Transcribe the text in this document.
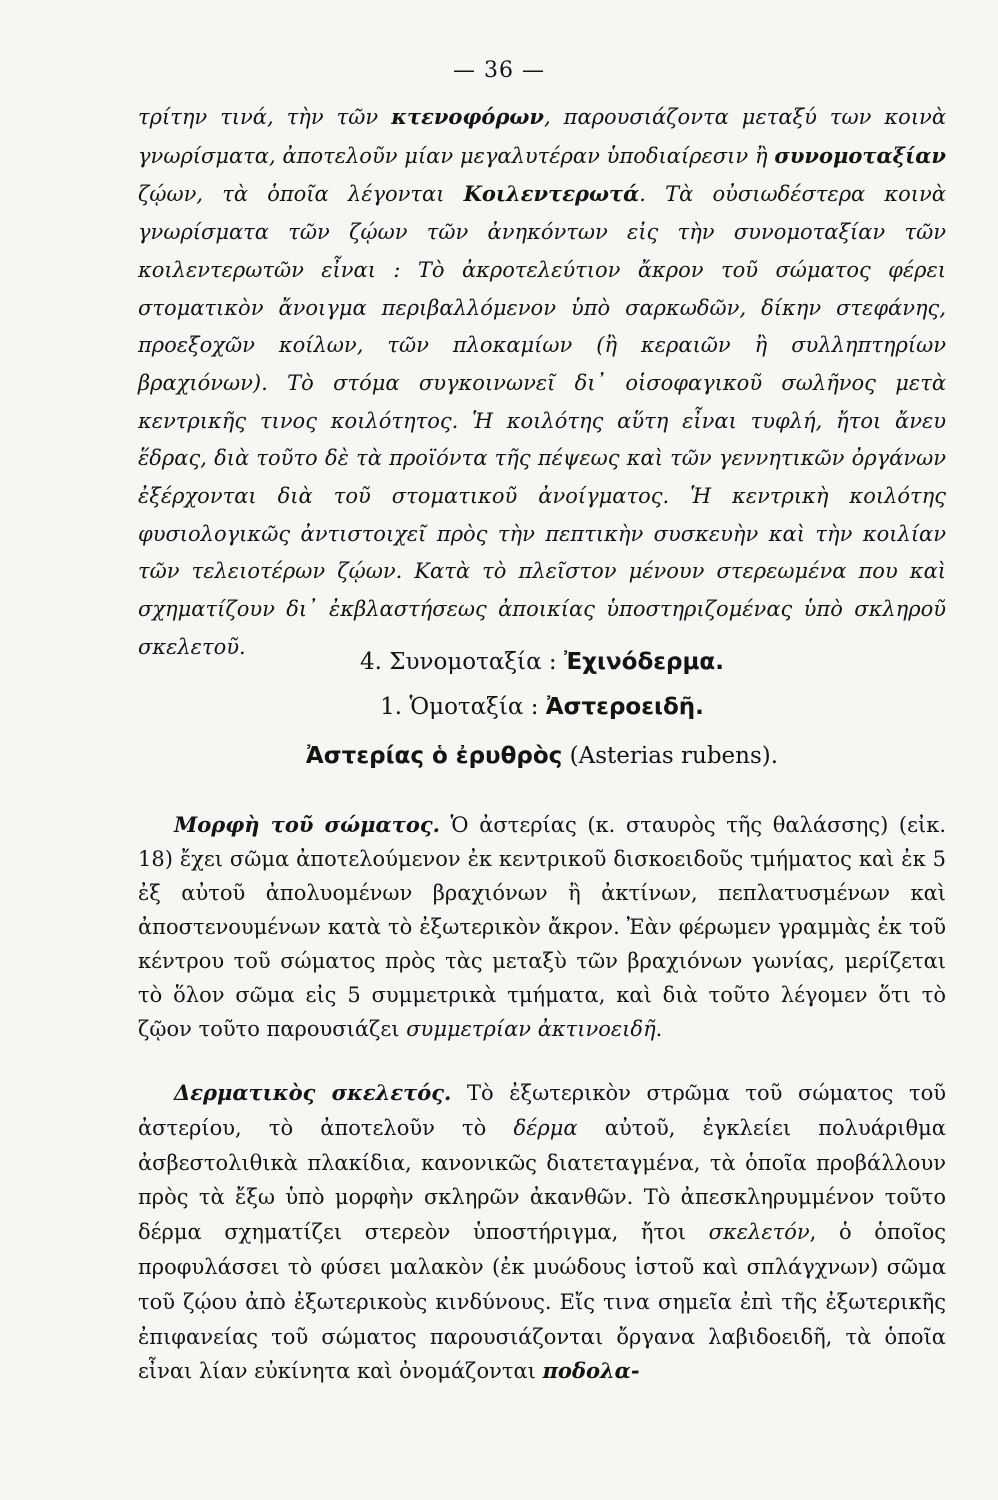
— 36 —

τρίτην τινά, τὴν τῶν κτενοφόρων, παρουσιάζοντα μεταξύ των κοινὰ γνωρίσματα, ἀποτελοῦν μίαν μεγαλυτέραν ὑποδιαίρεσιν ἢ συνομοταξίαν ζῴων, τὰ ὁποῖα λέγονται Κοιλεντερωτά. Τὰ οὐσιωδέστερα κοινὰ γνωρίσματα τῶν ζῴων τῶν ἀνηκόντων εἰς τὴν συνομοταξίαν τῶν κοιλεντερωτῶν εἶναι : Τὸ ἀκροτελεύτιον ἄκρον τοῦ σώματος φέρει στοματικὸν ἄνοιγμα περιβαλλόμενον ὑπὸ σαρκωδῶν, δίκην στεφάνης, προεξοχῶν κοίλων, τῶν πλοκαμίων (ἢ κεραιῶν ἢ συλληπτηρίων βραχιόνων). Τὸ στόμα συγκοινωνεῖ δι᾽ οἱσοφαγικοῦ σωλῆνος μετὰ κεντρικῆς τινος κοιλότητος. Ἡ κοιλότης αὕτη εἶναι τυφλή, ἤτοι ἄνευ ἕδρας, διὰ τοῦτο δὲ τὰ προϊόντα τῆς πέψεως καὶ τῶν γεννητικῶν ὀργάνων ἐξέρχονται διὰ τοῦ στοματικοῦ ἀνοίγματος. Ἡ κεντρικὴ κοιλότης φυσιολογικῶς ἀντιστοιχεῖ πρὸς τὴν πεπτικὴν συσκευὴν καὶ τὴν κοιλίαν τῶν τελειοτέρων ζῴων. Κατὰ τὸ πλεῖστον μένουν στερεωμένα που καὶ σχηματίζουν δι᾽ ἐκβλαστήσεως ἀποικίας ὑποστηριζομένας ὑπὸ σκληροῦ σκελετοῦ.

4. Συνομοταξία : Ἐχινόδερμα.

1. Ὁμοταξία : Ἀστεροειδῆ.

Ἀστερίας ὁ ἐρυθρὸς (Asterias rubens).

Μορφὴ τοῦ σώματος. Ὁ ἀστερίας (κ. σταυρὸς τῆς θαλάσσης) (εἰκ. 18) ἔχει σῶμα ἀποτελούμενον ἐκ κεντρικοῦ δισκοειδοῦς τμήματος καὶ ἐκ 5 ἐξ αὐτοῦ ἀπολυομένων βραχιόνων ἢ ἀκτίνων, πεπλατυσμένων καὶ ἀποστενουμένων κατὰ τὸ ἐξωτερικὸν ἄκρον. Ἐὰν φέρωμεν γραμμὰς ἐκ τοῦ κέντρου τοῦ σώματος πρὸς τὰς μεταξὺ τῶν βραχιόνων γωνίας, μερίζεται τὸ ὅλον σῶμα εἰς 5 συμμετρικὰ τμήματα, καὶ διὰ τοῦτο λέγομεν ὅτι τὸ ζῷον τοῦτο παρουσιάζει συμμετρίαν ἀκτινοειδῆ.

Δερματικὸς σκελετός. Τὸ ἐξωτερικὸν στρῶμα τοῦ σώματος τοῦ ἀστερίου, τὸ ἀποτελοῦν τὸ δέρμα αὐτοῦ, ἐγκλείει πολυάριθμα ἀσβεστολιθικὰ πλακίδια, κανονικῶς διατεταγμένα, τὰ ὁποῖα προβάλλουν πρὸς τὰ ἔξω ὑπὸ μορφὴν σκληρῶν ἀκανθῶν. Τὸ ἀπεσκληρυμμένον τοῦτο δέρμα σχηματίζει στερεὸν ὑποστήριγμα, ἤτοι σκελετόν, ὁ ὁποῖος προφυλάσσει τὸ φύσει μαλακὸν (ἐκ μυώδους ἱστοῦ καὶ σπλάγχνων) σῶμα τοῦ ζῴου ἀπὸ ἐξωτερικοὺς κινδύνους. Εἴς τινα σημεῖα ἐπὶ τῆς ἐξωτερικῆς ἐπιφανείας τοῦ σώματος παρουσιάζονται ὄργανα λαβιδοειδῆ, τὰ ὁποῖα εἶναι λίαν εὐκίνητα καὶ ὀνομάζονται ποδολα-
